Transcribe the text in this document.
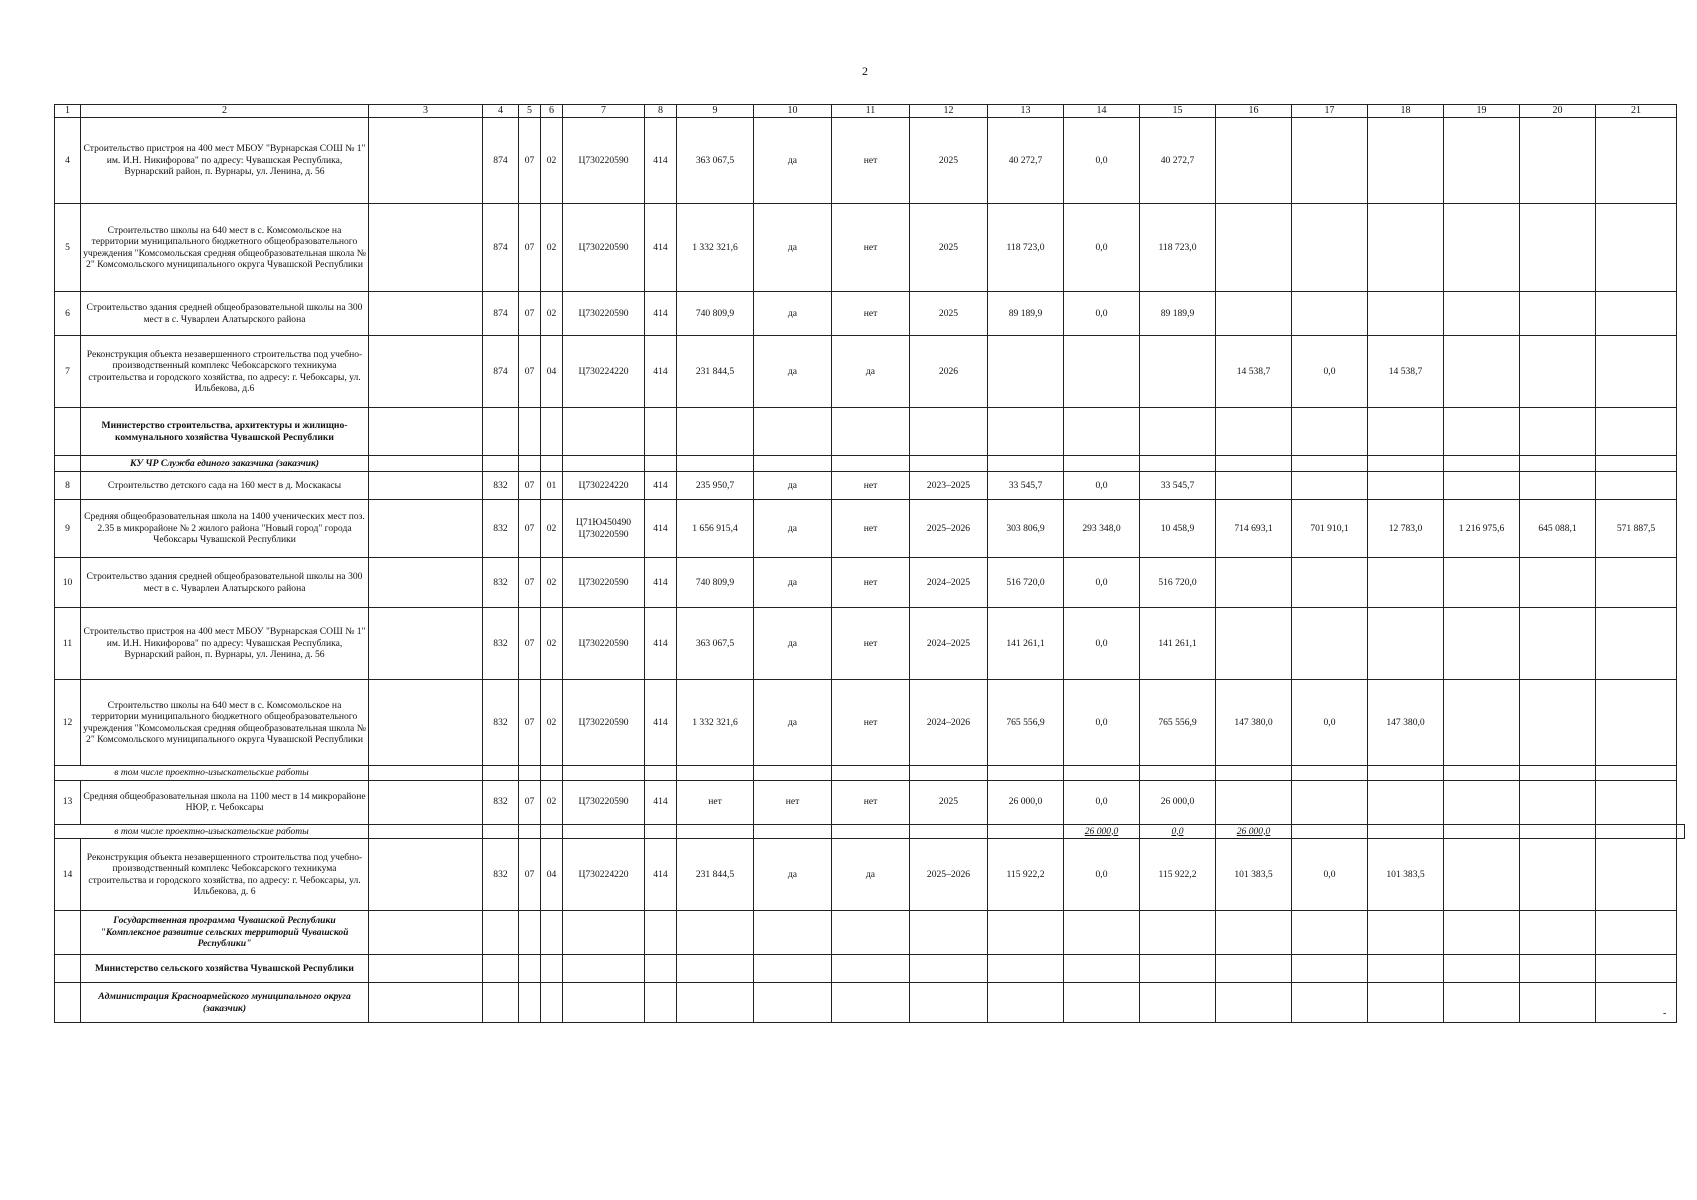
2
1	2	3	4	5	6	7	8	9	10	11	12	13	14	15	16	17	18	19	20	21	
4	Строительство пристроя на 400 мест МБОУ "Вурнарская СОШ № 1" им. И.Н. Никифорова" по адресу: Чувашская Республика, Вурнарский район, п. Вурнары, ул. Ленина, д. 56		874	07	02	Ц730220590	414	363 067,5	да	нет	2025	40 272,7	0,0	40 272,7							
5	Строительство школы на 640 мест в с. Комсомольское на территории муниципального бюджетного общеобразовательного учреждения "Комсомольская средняя общеобразовательная школа № 2" Комсомольского муниципального округа Чувашской Республики		874	07	02	Ц730220590	414	1 332 321,6	да	нет	2025	118 723,0	0,0	118 723,0							
6	Строительство здания средней общеобразовательной школы на 300 мест в с. Чуварлеи Алатырского района		874	07	02	Ц730220590	414	740 809,9	да	нет	2025	89 189,9	0,0	89 189,9							
7	Реконструкция объекта незавершенного строительства под учебно-производственный комплекс Чебоксарского техникума строительства и городского хозяйства, по адресу: г. Чебоксары, ул. Ильбекова, д.6		874	07	04	Ц730224220	414	231 844,5	да	да	2026				14 538,7	0,0	14 538,7				
	Министерство строительства, архитектуры и жилищно-коммунального хозяйства Чувашской Республики																				
	КУ ЧР Служба единого заказчика (заказчик)																				
8	Строительство детского сада на 160 мест в д. Москакасы		832	07	01	Ц730224220	414	235 950,7	да	нет	2023–2025	33 545,7	0,0	33 545,7							
9	Средняя общеобразовательная школа на 1400 ученических мест поз. 2.35 в микрорайоне № 2 жилого района "Новый город" города Чебоксары Чувашской Республики		832	07	02	Ц71Ю450490
Ц730220590	414	1 656 915,4	да	нет	2025–2026	303 806,9	293 348,0	10 458,9	714 693,1	701 910,1	12 783,0	1 216 975,6	645 088,1	571 887,5	
10	Строительство здания средней общеобразовательной школы на 300 мест в с. Чуварлеи Алатырского района		832	07	02	Ц730220590	414	740 809,9	да	нет	2024–2025	516 720,0	0,0	516 720,0							
11	Строительство пристроя на 400 мест МБОУ "Вурнарская СОШ № 1" им. И.Н. Никифорова" по адресу: Чувашская Республика, Вурнарский район, п. Вурнары, ул. Ленина, д. 56		832	07	02	Ц730220590	414	363 067,5	да	нет	2024–2025	141 261,1	0,0	141 261,1							
12	Строительство школы на 640 мест в с. Комсомольское на территории муниципального бюджетного общеобразовательного учреждения "Комсомольская средняя общеобразовательная школа № 2" Комсомольского муниципального округа Чувашской Республики		832	07	02	Ц730220590	414	1 332 321,6	да	нет	2024–2026	765 556,9	0,0	765 556,9	147 380,0	0,0	147 380,0				
в том числе проектно-изыскательские работы																					
13	Средняя общеобразовательная школа на 1100 мест в 14 микрорайоне НЮР, г. Чебоксары		832	07	02	Ц730220590	414	нет	нет	нет	2025	26 000,0	0,0	26 000,0							
в том числе проектно-изыскательские работы													26 000,0	0,0	26 000,0						
14	Реконструкция объекта незавершенного строительства под учебно-производственный комплекс Чебоксарского техникума строительства и городского хозяйства, по адресу: г. Чебоксары, ул. Ильбекова, д. 6		832	07	04	Ц730224220	414	231 844,5	да	да	2025–2026	115 922,2	0,0	115 922,2	101 383,5	0,0	101 383,5				
	Государственная программа Чувашской Республики "Комплексное развитие сельских территорий Чувашской Республики"																				
	Министерство сельского хозяйства Чувашской Республики																				
	Администрация Красноармейского муниципального округа (заказчик)																					-
